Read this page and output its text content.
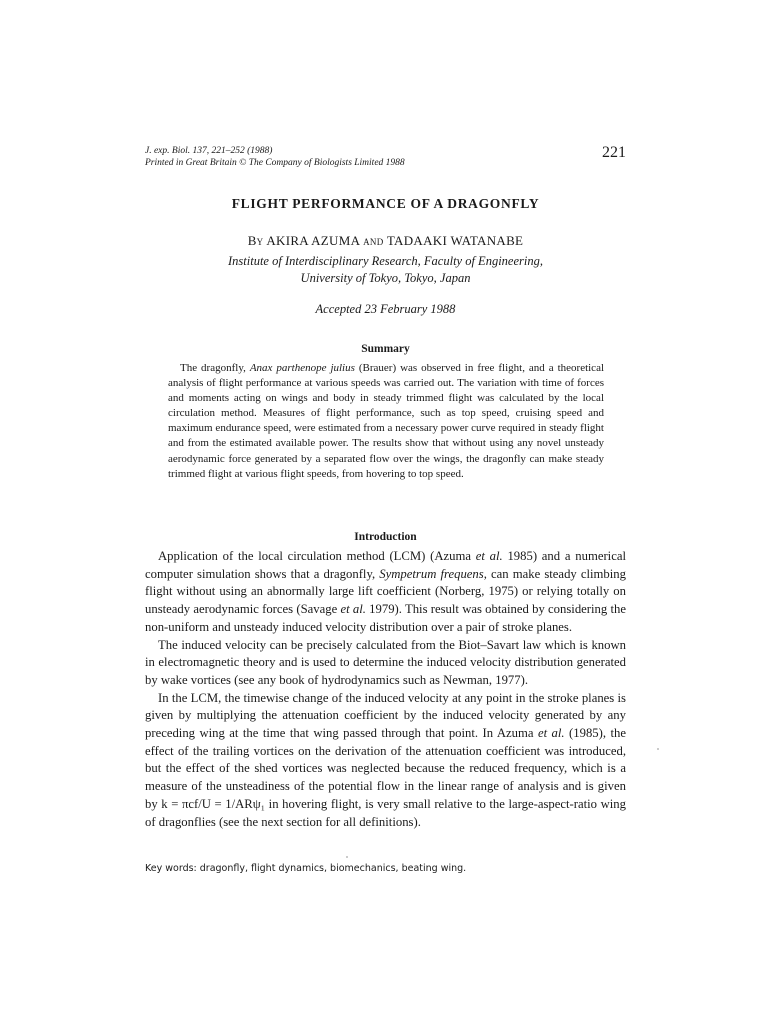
J. exp. Biol. 137, 221–252 (1988)
Printed in Great Britain © The Company of Biologists Limited 1988
221
FLIGHT PERFORMANCE OF A DRAGONFLY
By AKIRA AZUMA and TADAAKI WATANABE
Institute of Interdisciplinary Research, Faculty of Engineering,
University of Tokyo, Tokyo, Japan
Accepted 23 February 1988
Summary

The dragonfly, Anax parthenope julius (Brauer) was observed in free flight, and a theoretical analysis of flight performance at various speeds was carried out. The variation with time of forces and moments acting on wings and body in steady trimmed flight was calculated by the local circulation method. Measures of flight performance, such as top speed, cruising speed and maximum endurance speed, were estimated from a necessary power curve required in steady flight and from the estimated available power. The results show that without using any novel unsteady aerodynamic force generated by a separated flow over the wings, the dragonfly can make steady trimmed flight at various flight speeds, from hovering to top speed.

Introduction

Application of the local circulation method (LCM) (Azuma et al. 1985) and a numerical computer simulation shows that a dragonfly, Sympetrum frequens, can make steady climbing flight without using an abnormally large lift coefficient (Norberg, 1975) or relying totally on unsteady aerodynamic forces (Savage et al. 1979). This result was obtained by considering the non-uniform and unsteady induced velocity distribution over a pair of stroke planes.

The induced velocity can be precisely calculated from the Biot–Savart law which is known in electromagnetic theory and is used to determine the induced velocity distribution generated by wake vortices (see any book of hydrodynamics such as Newman, 1977).

In the LCM, the timewise change of the induced velocity at any point in the stroke planes is given by multiplying the attenuation coefficient by the induced velocity generated by any preceding wing at the time that wing passed through that point. In Azuma et al. (1985), the effect of the trailing vortices on the derivation of the attenuation coefficient was introduced, but the effect of the shed vortices was neglected because the reduced frequency, which is a measure of the unsteadiness of the potential flow in the linear range of analysis and is given by k = πcf/U = 1/ARψ₁ in hovering flight, is very small relative to the large-aspect-ratio wing of dragonflies (see the next section for all definitions).

Key words: dragonfly, flight dynamics, biomechanics, beating wing.
